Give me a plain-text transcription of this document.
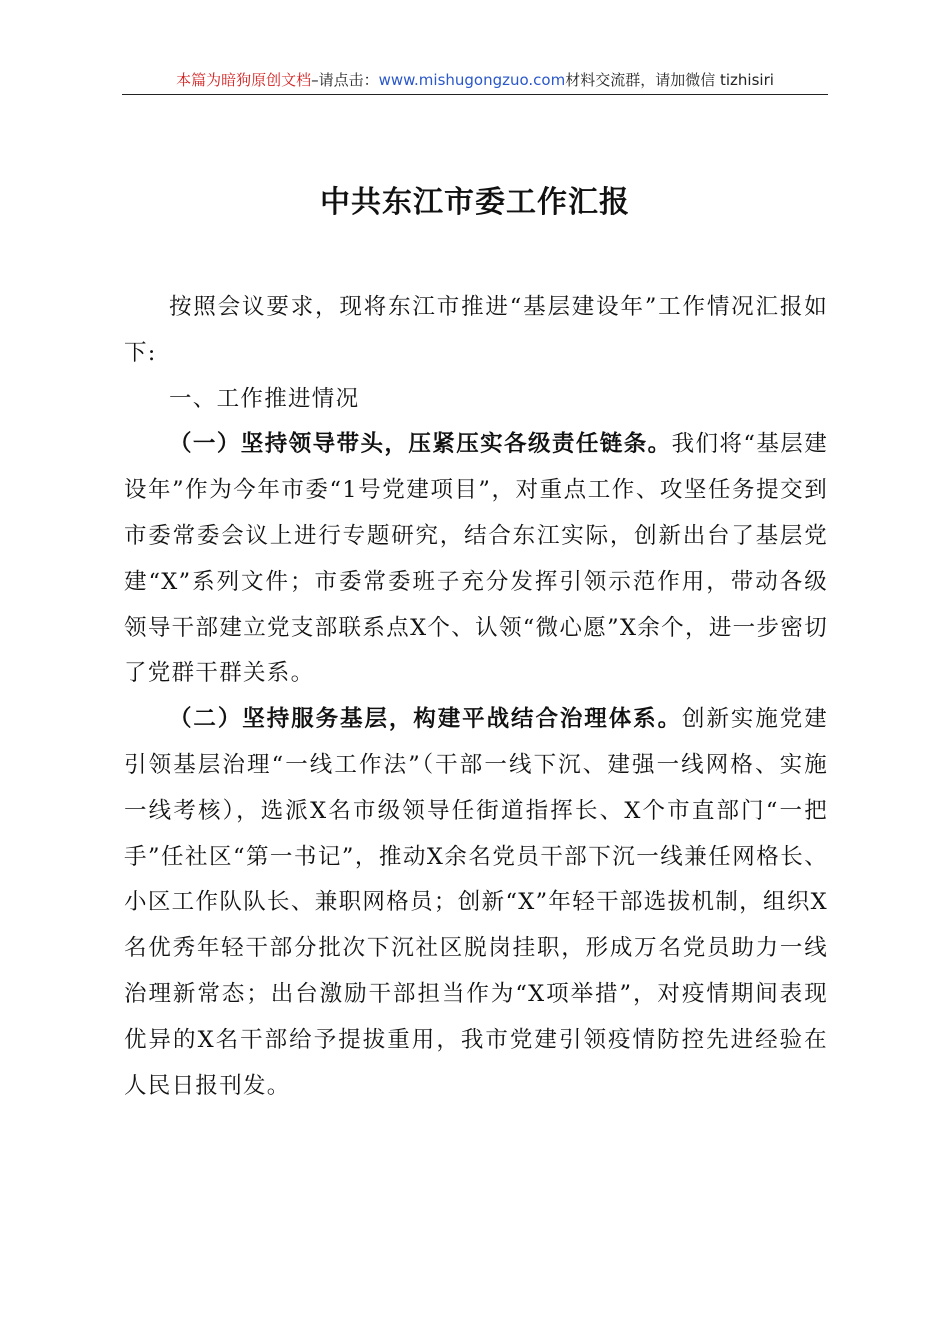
本篇为暗狗原创文档–请点击：www.mishugongzuo.com材料交流群，请加微信 tizhisiri
中共东江市委工作汇报

按照会议要求，现将东江市推进“基层建设年”工作情况汇报如下:

一、工作推进情况

（一）坚持领导带头，压紧压实各级责任链条。我们将“基层建设年”作为今年市委“1号党建项目”，对重点工作、攻坚任务提交到市委常委会议上进行专题研究，结合东江实际，创新出台了基层党建“X”系列文件；市委常委班子充分发挥引领示范作用，带动各级领导干部建立党支部联系点X个、认领“微心愿”X余个，进一步密切了党群干群关系。

（二）坚持服务基层，构建平战结合治理体系。创新实施党建引领基层治理“一线工作法”（干部一线下沉、建强一线网格、实施一线考核），选派X名市级领导任街道指挥长、X个市直部门“一把手”任社区“第一书记”，推动X余名党员干部下沉一线兼任网格长、小区工作队队长、兼职网格员；创新“X”年轻干部选拔机制，组织X名优秀年轻干部分批次下沉社区脱岗挂职，形成万名党员助力一线治理新常态；出台激励干部担当作为“X项举措”，对疫情期间表现优异的X名干部给予提拔重用，我市党建引领疫情防控先进经验在人民日报刊发。
